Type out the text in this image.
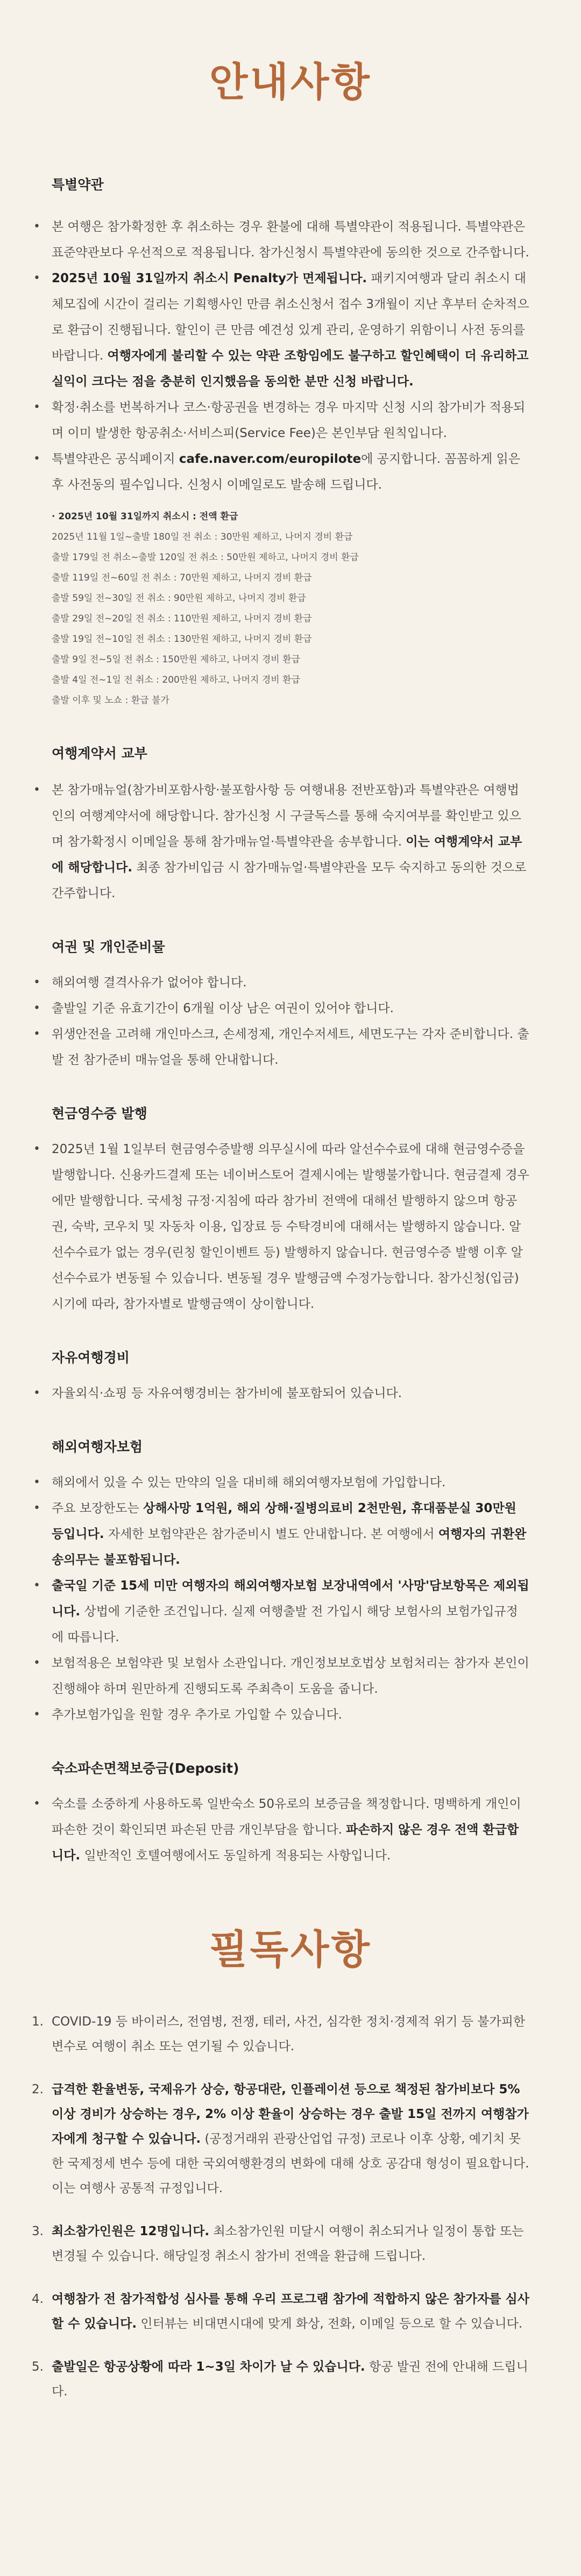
안내사항

특별약관

• 본 여행은 참가확정한 후 취소하는 경우 환불에 대해 특별약관이 적용됩니다. 특별약관은 표준약관보다 우선적으로 적용됩니다. 참가신청시 특별약관에 동의한 것으로 간주합니다.
• 2025년 10월 31일까지 취소시 Penalty가 면제됩니다. 패키지여행과 달리 취소시 대체모집에 시간이 걸리는 기획행사인 만큼 취소신청서 접수 3개월이 지난 후부터 순차적으로 환급이 진행됩니다. 할인이 큰 만큼 예견성 있게 관리, 운영하기 위함이니 사전 동의를 바랍니다. 여행자에게 불리할 수 있는 약관 조항임에도 불구하고 할인혜택이 더 유리하고 실익이 크다는 점을 충분히 인지했음을 동의한 분만 신청 바랍니다.
• 확정·취소를 번복하거나 코스·항공권을 변경하는 경우 마지막 신청 시의 참가비가 적용되며 이미 발생한 항공취소·서비스피(Service Fee)은 본인부담 원칙입니다.
• 특별약관은 공식페이지 cafe.naver.com/europilote에 공지합니다. 꼼꼼하게 읽은 후 사전동의 필수입니다. 신청시 이메일로도 발송해 드립니다.
· 2025년 10월 31일까지 취소시 : 전액 환급
2025년 11월 1일~출발 180일 전 취소 : 30만원 제하고, 나머지 경비 환급
출발 179일 전 취소~출발 120일 전 취소 : 50만원 제하고, 나머지 경비 환급
출발 119일 전~60일 전 취소 : 70만원 제하고, 나머지 경비 환급
출발 59일 전~30일 전 취소 : 90만원 제하고, 나머지 경비 환급
출발 29일 전~20일 전 취소 : 110만원 제하고, 나머지 경비 환급
출발 19일 전~10일 전 취소 : 130만원 제하고, 나머지 경비 환급
출발 9일 전~5일 전 취소 : 150만원 제하고, 나머지 경비 환급
출발 4일 전~1일 전 취소 : 200만원 제하고, 나머지 경비 환급
출발 이후 및 노쇼 : 환급 불가

여행계약서 교부

• 본 참가매뉴얼(참가비포함사항·불포함사항 등 여행내용 전반포함)과 특별약관은 여행법인의 여행계약서에 해당합니다. 참가신청 시 구글독스를 통해 숙지여부를 확인받고 있으며 참가확정시 이메일을 통해 참가매뉴얼·특별약관을 송부합니다. 이는 여행계약서 교부에 해당합니다. 최종 참가비입금 시 참가매뉴얼·특별약관을 모두 숙지하고 동의한 것으로 간주합니다.

여권 및 개인준비물

• 해외여행 결격사유가 없어야 합니다.
• 출발일 기준 유효기간이 6개월 이상 남은 여권이 있어야 합니다.
• 위생안전을 고려해 개인마스크, 손세정제, 개인수저세트, 세면도구는 각자 준비합니다. 출발 전 참가준비 매뉴얼을 통해 안내합니다.

현금영수증 발행

• 2025년 1월 1일부터 현금영수증발행 의무실시에 따라 알선수수료에 대해 현금영수증을 발행합니다. 신용카드결제 또는 네이버스토어 결제시에는 발행불가합니다. 현금결제 경우에만 발행합니다. 국세청 규정·지침에 따라 참가비 전액에 대해선 발행하지 않으며 항공권, 숙박, 코우치 및 자동차 이용, 입장료 등 수탁경비에 대해서는 발행하지 않습니다. 알선수수료가 없는 경우(린칭 할인이벤트 등) 발행하지 않습니다. 현금영수증 발행 이후 알선수수료가 변동될 수 있습니다. 변동될 경우 발행금액 수정가능합니다. 참가신청(입금) 시기에 따라, 참가자별로 발행금액이 상이합니다.

자유여행경비

• 자율외식·쇼핑 등 자유여행경비는 참가비에 불포함되어 있습니다.

해외여행자보험

• 해외에서 있을 수 있는 만약의 일을 대비해 해외여행자보험에 가입합니다.
• 주요 보장한도는 상해사망 1억원, 해외 상해·질병의료비 2천만원, 휴대품분실 30만원 등입니다. 자세한 보험약관은 참가준비시 별도 안내합니다. 본 여행에서 여행자의 귀환완송의무는 불포함됩니다.
• 출국일 기준 15세 미만 여행자의 해외여행자보험 보장내역에서 '사망'담보항목은 제외됩니다. 상법에 기준한 조건입니다. 실제 여행출발 전 가입시 해당 보험사의 보험가입규정에 따릅니다.
• 보험적용은 보험약관 및 보험사 소관입니다. 개인정보보호법상 보험처리는 참가자 본인이 진행해야 하며 원만하게 진행되도록 주최측이 도움을 줍니다.
• 추가보험가입을 원할 경우 추가로 가입할 수 있습니다.

숙소파손면책보증금(Deposit)

• 숙소를 소중하게 사용하도록 일반숙소 50유로의 보증금을 책정합니다. 명백하게 개인이 파손한 것이 확인되면 파손된 만큼 개인부담을 합니다. 파손하지 않은 경우 전액 환급합니다. 일반적인 호텔여행에서도 동일하게 적용되는 사항입니다.
필독사항
1. COVID-19 등 바이러스, 전염병, 전쟁, 테러, 사건, 심각한 정치·경제적 위기 등 불가피한 변수로 여행이 취소 또는 연기될 수 있습니다.
2. 급격한 환율변동, 국제유가 상승, 항공대란, 인플레이션 등으로 책정된 참가비보다 5% 이상 경비가 상승하는 경우, 2% 이상 환율이 상승하는 경우 출발 15일 전까지 여행참가자에게 청구할 수 있습니다. (공정거래위 관광산업업 규정) 코로나 이후 상황, 예기치 못한 국제정세 변수 등에 대한 국외여행환경의 변화에 대해 상호 공감대 형성이 필요합니다. 이는 여행사 공통적 규정입니다.
3. 최소참가인원은 12명입니다. 최소참가인원 미달시 여행이 취소되거나 일정이 통합 또는 변경될 수 있습니다. 해당일정 취소시 참가비 전액을 환급해 드립니다.
4. 여행참가 전 참가적합성 심사를 통해 우리 프로그램 참가에 적합하지 않은 참가자를 심사할 수 있습니다. 인터뷰는 비대면시대에 맞게 화상, 전화, 이메일 등으로 할 수 있습니다.
5. 출발일은 항공상황에 따라 1~3일 차이가 날 수 있습니다. 항공 발권 전에 안내해 드립니다.
